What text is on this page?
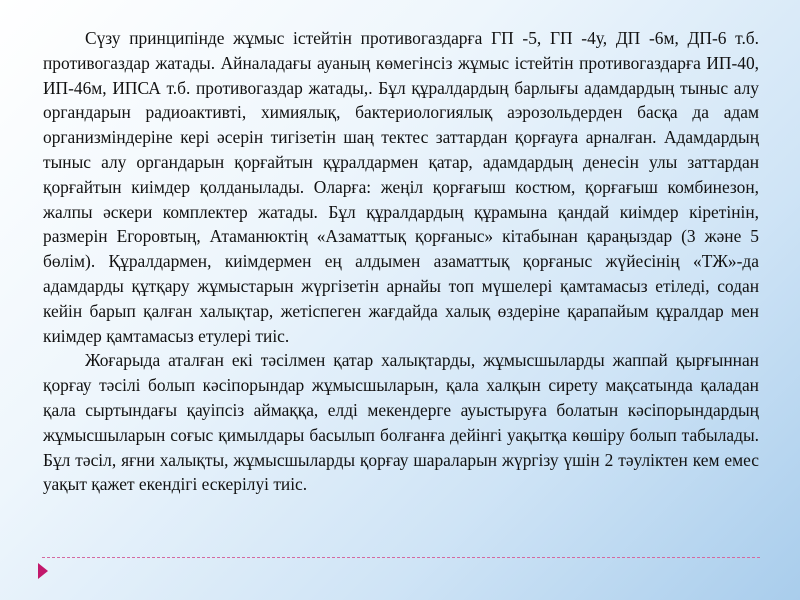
Сүзу принципінде жұмыс істейтін противогаздарға ГП -5, ГП -4у, ДП -6м, ДП-6 т.б. противогаздар жатады. Айналадағы ауаның көмегінсіз жұмыс істейтін противогаздарға ИП-40, ИП-46м, ИПСА т.б. противогаздар жатады,. Бұл құралдардың барлығы адамдардың тыныс алу органдарын радиоактивті, химиялық, бактериологиялық аэрозольдерден басқа да адам организміндеріне кері әсерін тигізетін шаң тектес заттардан қорғауға арналған. Адамдардың тыныс алу органдарын қорғайтын құралдармен қатар, адамдардың денесін улы заттардан қорғайтын киімдер қолданылады. Оларға: жеңіл қорғағыш костюм, қорғағыш комбинезон, жалпы әскери комплектер жатады. Бұл құралдардың құрамына қандай киімдер кіретінін, размерін Егоровтың, Атаманюктің «Азаматтық қорғаныс» кітабынан қараңыздар (3 және 5 бөлім). Құралдармен, киімдермен ең алдымен азаматтық қорғаныс жүйесінің «ТЖ»-да адамдарды құтқару жұмыстарын жүргізетін арнайы топ мүшелері қамтамасыз етіледі, содан кейін барып қалған халықтар, жетіспеген жағдайда халық өздеріне қарапайым құралдар мен киімдер қамтамасыз етулері тиіс.

Жоғарыда аталған екі тәсілмен қатар халықтарды, жұмысшыларды жаппай қырғыннан қорғау тәсілі болып кәсіпорындар жұмысшыларын, қала халқын сирету мақсатында қаладан қала сыртындағы қауіпсіз аймаққа, елді мекендерге ауыстыруға болатын кәсіпорындардың жұмысшыларын соғыс қимылдары басылып болғанға дейінгі уақытқа көшіру болып табылады. Бұл тәсіл, яғни халықты, жұмысшыларды қорғау шараларын жүргізу үшін 2 тәуліктен кем емес уақыт қажет екендігі ескерілуі тиіс.
